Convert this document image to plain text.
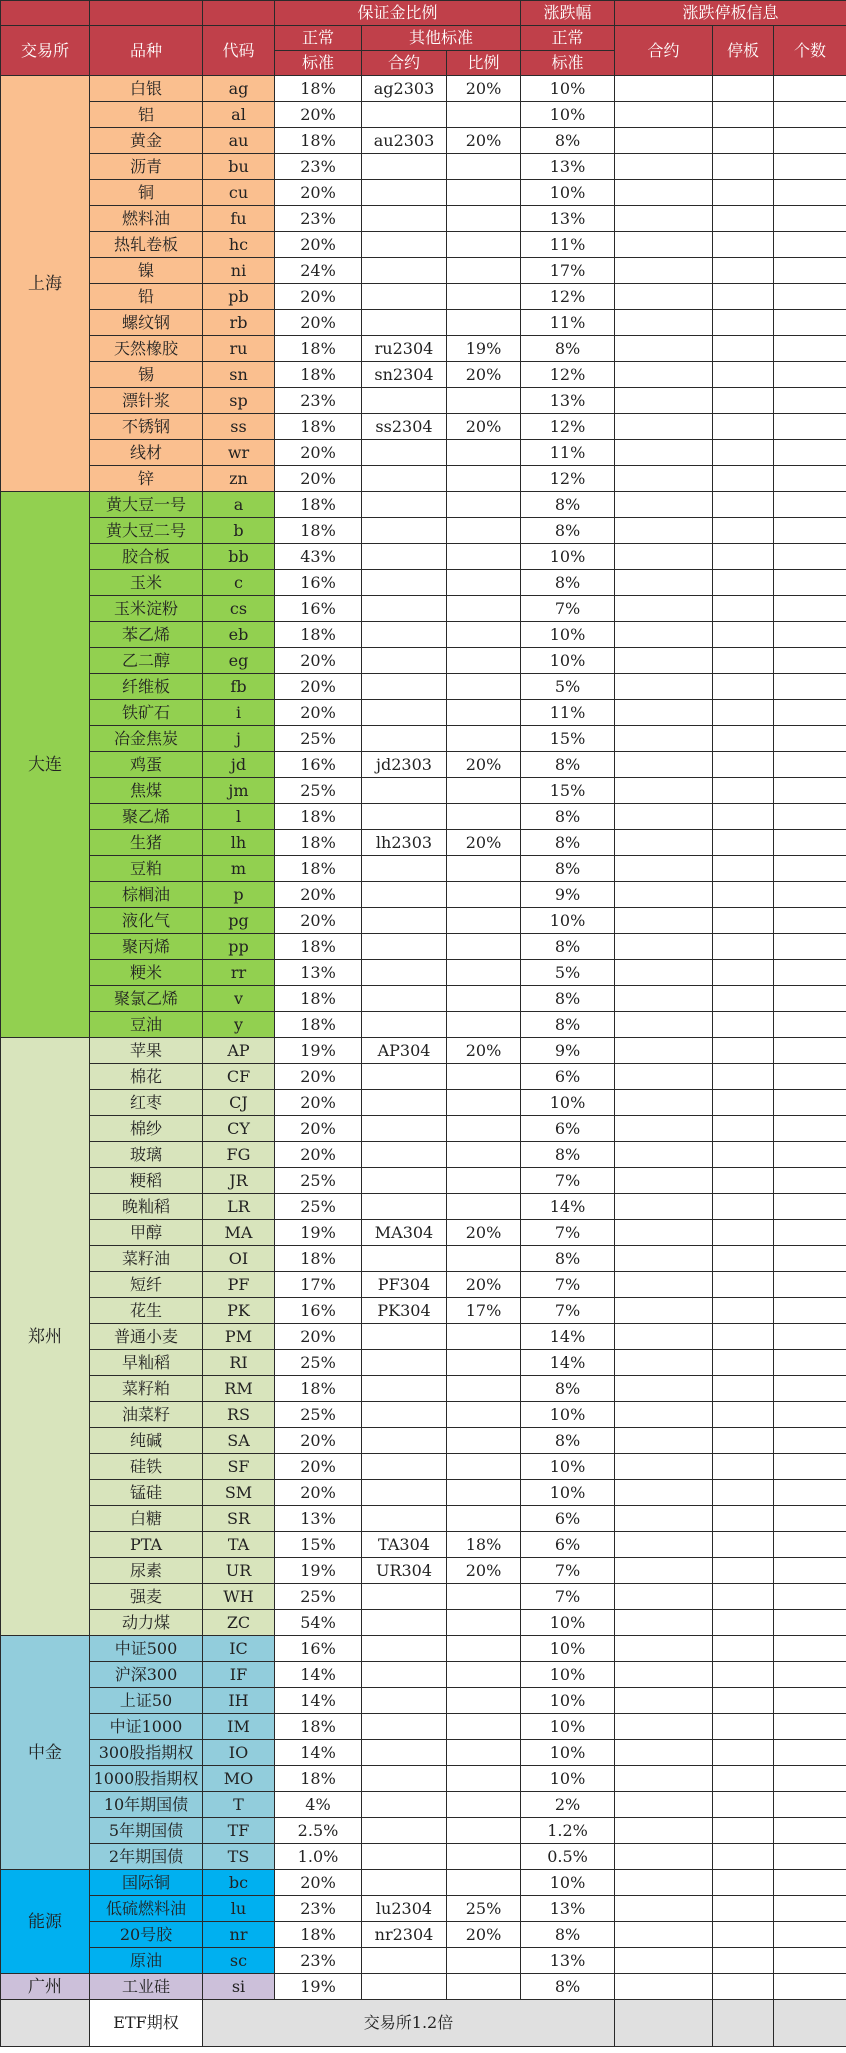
			保证金比例			涨跌幅	涨跌停板信息		
交易所	品种	代码	正常	其他标准		正常	合约	停板	个数
			标准	合约	比例	标准			
上海	白银	ag	18%	ag2303	20%	10%			
	铝	al	20%			10%			
	黄金	au	18%	au2303	20%	8%			
	沥青	bu	23%			13%			
	铜	cu	20%			10%			
	燃料油	fu	23%			13%			
	热轧卷板	hc	20%			11%			
	镍	ni	24%			17%			
	铅	pb	20%			12%			
	螺纹钢	rb	20%			11%			
	天然橡胶	ru	18%	ru2304	19%	8%			
	锡	sn	18%	sn2304	20%	12%			
	漂针浆	sp	23%			13%			
	不锈钢	ss	18%	ss2304	20%	12%			
	线材	wr	20%			11%			
	锌	zn	20%			12%			
大连	黄大豆一号	a	18%			8%			
	黄大豆二号	b	18%			8%			
	胶合板	bb	43%			10%			
	玉米	c	16%			8%			
	玉米淀粉	cs	16%			7%			
	苯乙烯	eb	18%			10%			
	乙二醇	eg	20%			10%			
	纤维板	fb	20%			5%			
	铁矿石	i	20%			11%			
	冶金焦炭	j	25%			15%			
	鸡蛋	jd	16%	jd2303	20%	8%			
	焦煤	jm	25%			15%			
	聚乙烯	l	18%			8%			
	生猪	lh	18%	lh2303	20%	8%			
	豆粕	m	18%			8%			
	棕榈油	p	20%			9%			
	液化气	pg	20%			10%			
	聚丙烯	pp	18%			8%			
	粳米	rr	13%			5%			
	聚氯乙烯	v	18%			8%			
	豆油	y	18%			8%			
郑州	苹果	AP	19%	AP304	20%	9%			
	棉花	CF	20%			6%			
	红枣	CJ	20%			10%			
	棉纱	CY	20%			6%			
	玻璃	FG	20%			8%			
	粳稻	JR	25%			7%			
	晚籼稻	LR	25%			14%			
	甲醇	MA	19%	MA304	20%	7%			
	菜籽油	OI	18%			8%			
	短纤	PF	17%	PF304	20%	7%			
	花生	PK	16%	PK304	17%	7%			
	普通小麦	PM	20%			14%			
	早籼稻	RI	25%			14%			
	菜籽粕	RM	18%			8%			
	油菜籽	RS	25%			10%			
	纯碱	SA	20%			8%			
	硅铁	SF	20%			10%			
	锰硅	SM	20%			10%			
	白糖	SR	13%			6%			
	PTA	TA	15%	TA304	18%	6%			
	尿素	UR	19%	UR304	20%	7%			
	强麦	WH	25%			7%			
	动力煤	ZC	54%			10%			
中金	中证500	IC	16%			10%			
	沪深300	IF	14%			10%			
	上证50	IH	14%			10%			
	中证1000	IM	18%			10%			
	300股指期权	IO	14%			10%			
	1000股指期权	MO	18%			10%			
	10年期国债	T	4%			2%			
	5年期国债	TF	2.5%			1.2%			
	2年期国债	TS	1.0%			0.5%			
能源	国际铜	bc	20%			10%			
	低硫燃料油	lu	23%	lu2304	25%	13%			
	20号胶	nr	18%	nr2304	20%	8%			
	原油	sc	23%			13%			
广州	工业硅	si	19%			8%			
	ETF期权	交易所1.2倍							
